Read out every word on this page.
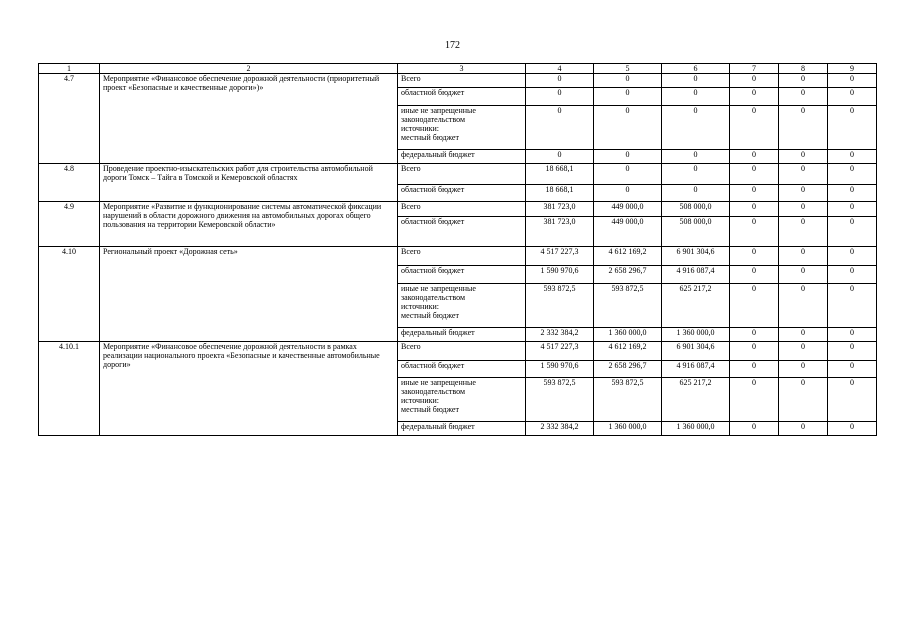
172
1	2	3	4	5	6	7	8	9
4.7	Мероприятие «Финансовое обеспечение дорожной деятельности (приоритетный проект «Безопасные и качественные дороги»)»	Всего	0	0	0	0	0	0
		областной бюджет	0	0	0	0	0	0

		иные не запрещенные
законодательством
источники:
местный бюджет	0	0	0	0	0	0
		федеральный бюджет	0	0	0	0	0	0
4.8	Проведение проектно-изыскательских работ для строительства автомобильной дороги Томск – Тайга в Томской и Кемеровской областях	Всего	18 668,1	0	0	0	0	0
		областной бюджет	18 668,1	0	0	0	0	0
4.9	Мероприятие «Развитие и функционирование системы автоматической фиксации нарушений в области дорожного движения на автомобильных дорогах общего пользования на территории Кемеровской области»	Всего	381 723,0	449 000,0	508 000,0	0	0	0
		областной бюджет	381 723,0	449 000,0	508 000,0	0	0	0
4.10	Региональный проект «Дорожная сеть»	Всего	4 517 227,3	4 612 169,2	6 901 304,6	0	0	0
		областной бюджет	1 590 970,6	2 658 296,7	4 916 087,4	0	0	0

		иные не запрещенные
законодательством
источники:
местный бюджет	593 872,5	593 872,5	625 217,2	0	0	0
		федеральный бюджет	2 332 384,2	1 360 000,0	1 360 000,0	0	0	0
4.10.1	Мероприятие «Финансовое обеспечение дорожной деятельности в рамках реализации национального проекта «Безопасные и качественные автомобильные дороги»	Всего	4 517 227,3	4 612 169,2	6 901 304,6	0	0	0
		областной бюджет	1 590 970,6	2 658 296,7	4 916 087,4	0	0	0

		иные не запрещенные
законодательством
источники:
местный бюджет	593 872,5	593 872,5	625 217,2	0	0	0
		федеральный бюджет	2 332 384,2	1 360 000,0	1 360 000,0	0	0	0
